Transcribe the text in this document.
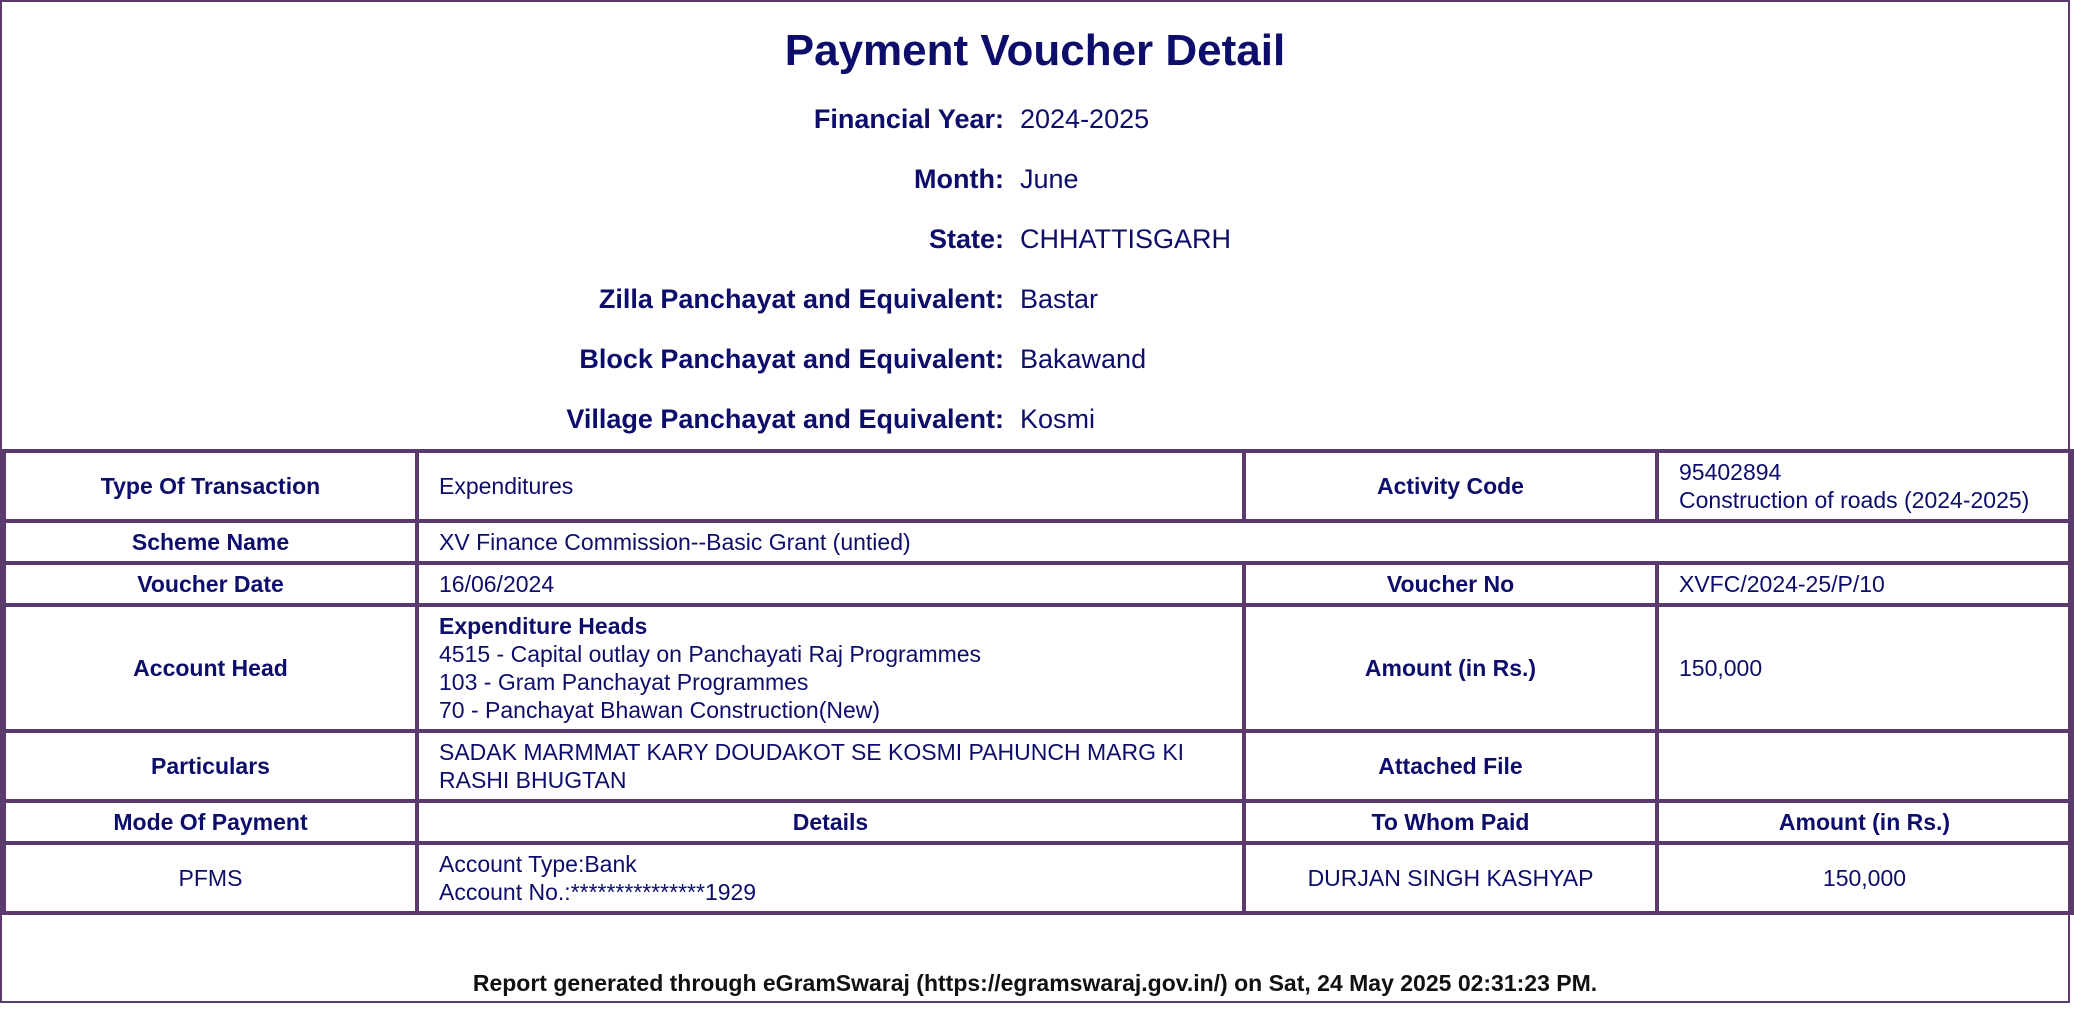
Payment Voucher Detail
Financial Year: 2024-2025
Month: June
State: CHHATTISGARH
Zilla Panchayat and Equivalent: Bastar
Block Panchayat and Equivalent: Bakawand
Village Panchayat and Equivalent: Kosmi
Type Of Transaction	Expenditures	Activity Code	95402894
Construction of roads (2024-2025)

Scheme Name	XV Finance Commission--Basic Grant (untied)		
Voucher Date	16/06/2024	Voucher No	XVFC/2024-25/P/10
Account Head	Expenditure Heads
4515 - Capital outlay on Panchayati Raj Programmes
103 - Gram Panchayat Programmes
70 - Panchayat Bhawan Construction(New)	Amount (in Rs.)	150,000
Particulars	SADAK MARMMAT KARY DOUDAKOT SE KOSMI PAHUNCH MARG KI RASHI BHUGTAN	Attached File	
Mode Of Payment	Details	To Whom Paid	Amount (in Rs.)
PFMS	Account Type:Bank
Account No.:***************1929	DURJAN SINGH KASHYAP	150,000
Report generated through eGramSwaraj (https://egramswaraj.gov.in/) on Sat, 24 May 2025 02:31:23 PM.
